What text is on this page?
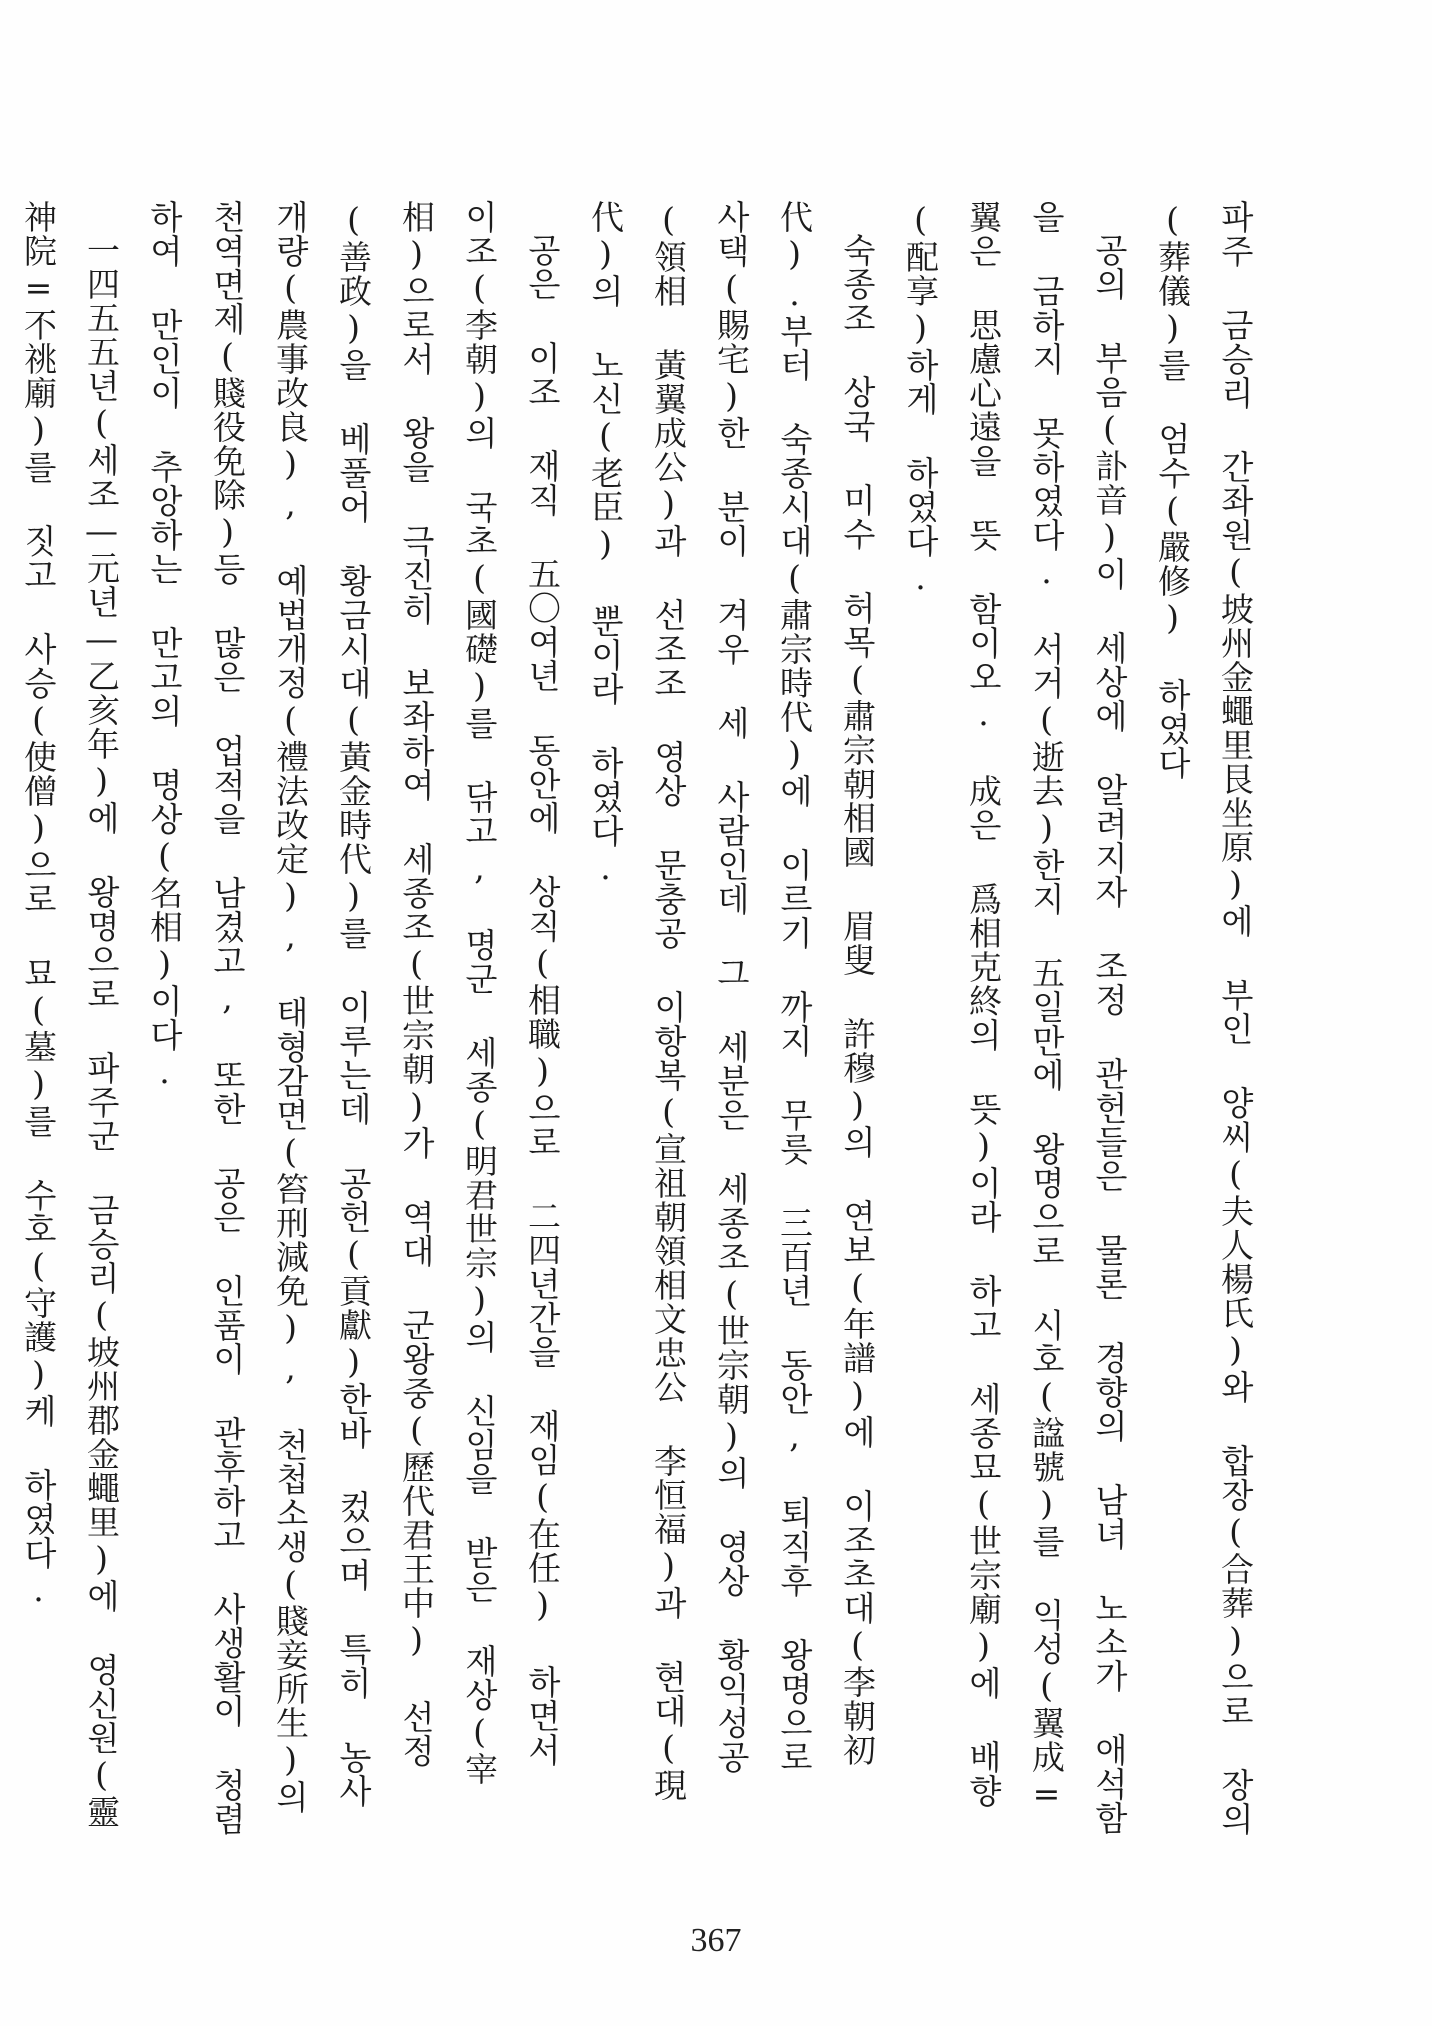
파주 금승리 간좌원(坡州金蠅里艮坐原)에 부인 양씨(夫人楊氏)와 합장(合葬)으로 장의(葬儀)를 엄수(嚴修) 하였다

공의 부음(訃音)이 세상에 알려지자 조정 관헌들은 물론 경향의 남녀 노소가 애석함을 금하지 못하였다. 서거(逝去)한지 五일만에 왕명으로 시호(諡號)를 익성(翼成=翼은 思慮心遠을 뜻 함이오. 成은 爲相克終의 뜻)이라 하고 세종묘(世宗廟)에 배향(配享)하게 하였다.

숙종조 상국 미수 허목(肅宗朝相國 眉叟 許穆)의 연보(年譜)에 이조초대(李朝初代).부터 숙종시대(肅宗時代)에 이르기 까지 무릇 三百년 동안, 퇴직후 왕명으로 사택(賜宅)한 분이 겨우 세 사람인데 그 세분은 세종조(世宗朝)의 영상 황익성공(領相 黃翼成公)과 선조조 영상 문충공 이항복(宣祖朝領相文忠公 李恒福)과 현대(現代)의 노신(老臣) 뿐이라 하였다.

공은 이조 재직 五〇여년 동안에 상직(相職)으로 二四년간을 재임(在任) 하면서 이조(李朝)의 국초(國礎)를 닦고, 명군 세종(明君世宗)의 신임을 받은 재상(宰相)으로서 왕을 극진히 보좌하여 세종조(世宗朝)가 역대 군왕중(歷代君王中) 선정(善政)을 베풀어 황금시대(黃金時代)를 이루는데 공헌(貢獻)한바 컸으며 특히 농사개량(農事改良), 예법개정(禮法改定), 태형감면(笞刑減免), 천첩소생(賤妾所生)의 천역면제(賤役免除)등 많은 업적을 남겼고, 또한 공은 인품이 관후하고 사생활이 청렴하여 만인이 추앙하는 만고의 명상(名相)이다.

一四五五년(세조—元년—乙亥年)에 왕명으로 파주군 금승리(坡州郡金蠅里)에 영신원(靈神院=不祧廟)를 짓고 사승(使僧)으로 묘(墓)를 수호(守護)케 하였다.

367
